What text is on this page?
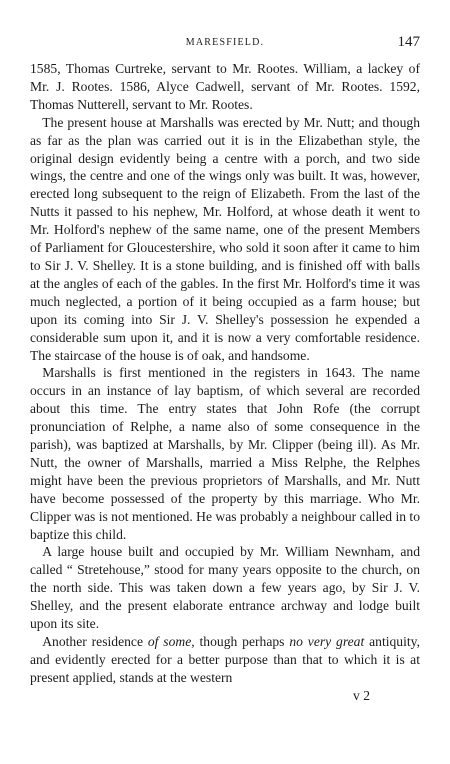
MARESFIELD.	147

1585, Thomas Curtreke, servant to Mr. Rootes. William, a lackey of Mr. J. Rootes. 1586, Alyce Cadwell, servant of Mr. Rootes. 1592, Thomas Nutterell, servant to Mr. Rootes.

The present house at Marshalls was erected by Mr. Nutt; and though as far as the plan was carried out it is in the Elizabethan style, the original design evidently being a centre with a porch, and two side wings, the centre and one of the wings only was built. It was, however, erected long subsequent to the reign of Elizabeth. From the last of the Nutts it passed to his nephew, Mr. Holford, at whose death it went to Mr. Holford's nephew of the same name, one of the present Members of Parliament for Gloucestershire, who sold it soon after it came to him to Sir J. V. Shelley. It is a stone building, and is finished off with balls at the angles of each of the gables. In the first Mr. Holford's time it was much neglected, a portion of it being occupied as a farm house; but upon its coming into Sir J. V. Shelley's possession he expended a considerable sum upon it, and it is now a very comfortable residence. The staircase of the house is of oak, and handsome.

Marshalls is first mentioned in the registers in 1643. The name occurs in an instance of lay baptism, of which several are recorded about this time. The entry states that John Rofe (the corrupt pronunciation of Relphe, a name also of some consequence in the parish), was baptized at Marshalls, by Mr. Clipper (being ill). As Mr. Nutt, the owner of Marshalls, married a Miss Relphe, the Relphes might have been the previous proprietors of Marshalls, and Mr. Nutt have become possessed of the property by this marriage. Who Mr. Clipper was is not mentioned. He was probably a neighbour called in to baptize this child.

A large house built and occupied by Mr. William Newnham, and called “ Stretehouse,” stood for many years opposite to the church, on the north side. This was taken down a few years ago, by Sir J. V. Shelley, and the present elaborate entrance archway and lodge built upon its site.

Another residence of some, though perhaps no very great antiquity, and evidently erected for a better purpose than that to which it is at present applied, stands at the western

v 2
